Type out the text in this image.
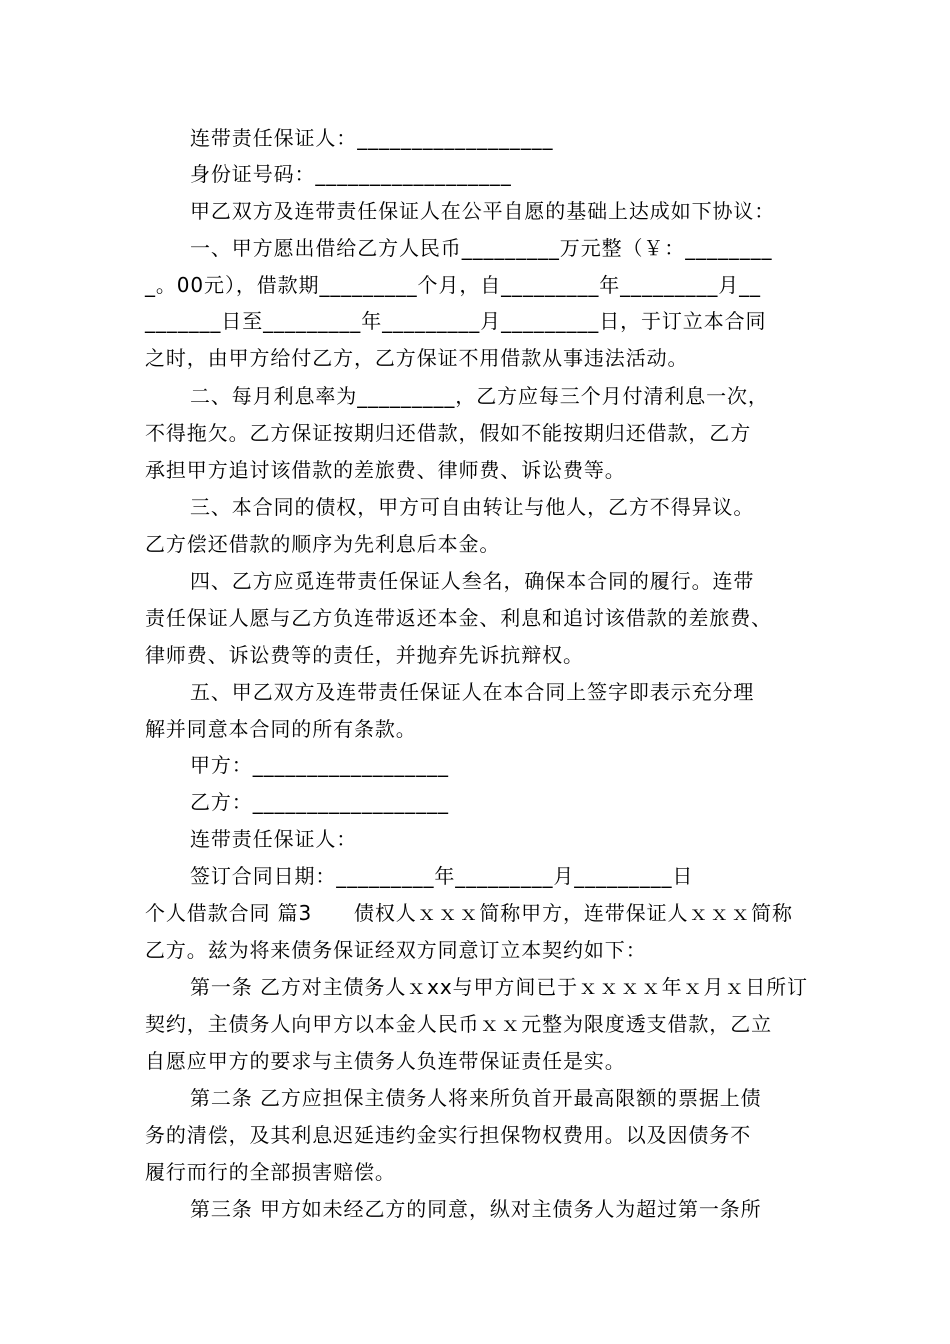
连带责任保证人：__________________
身份证号码：__________________
甲乙双方及连带责任保证人在公平自愿的基础上达成如下协议：
一、甲方愿出借给乙方人民币_________万元整（￥：________
_。00元），借款期_________个月，自_________年_________月__
_______日至_________年_________月_________日，于订立本合同
之时，由甲方给付乙方，乙方保证不用借款从事违法活动。
二、每月利息率为_________，乙方应每三个月付清利息一次，
不得拖欠。乙方保证按期归还借款，假如不能按期归还借款，乙方
承担甲方追讨该借款的差旅费、律师费、诉讼费等。
三、本合同的债权，甲方可自由转让与他人，乙方不得异议。
乙方偿还借款的顺序为先利息后本金。
四、乙方应觅连带责任保证人叁名，确保本合同的履行。连带
责任保证人愿与乙方负连带返还本金、利息和追讨该借款的差旅费、
律师费、诉讼费等的责任，并抛弃先诉抗辩权。
五、甲乙双方及连带责任保证人在本合同上签字即表示充分理
解并同意本合同的所有条款。
甲方：__________________
乙方：__________________
连带责任保证人：
签订合同日期：_________年_________月_________日
个人借款合同 篇3　　债权人ｘｘｘ简称甲方，连带保证人ｘｘｘ简称
乙方。兹为将来债务保证经双方同意订立本契约如下：
第一条 乙方对主债务人ｘxx与甲方间已于ｘｘｘｘ年ｘ月ｘ日所订
契约，主债务人向甲方以本金人民币ｘｘ元整为限度透支借款，乙立
自愿应甲方的要求与主债务人负连带保证责任是实。
第二条 乙方应担保主债务人将来所负首开最高限额的票据上债
务的清偿，及其利息迟延违约金实行担保物权费用。以及因债务不
履行而行的全部损害赔偿。
第三条 甲方如未经乙方的同意，纵对主债务人为超过第一条所
